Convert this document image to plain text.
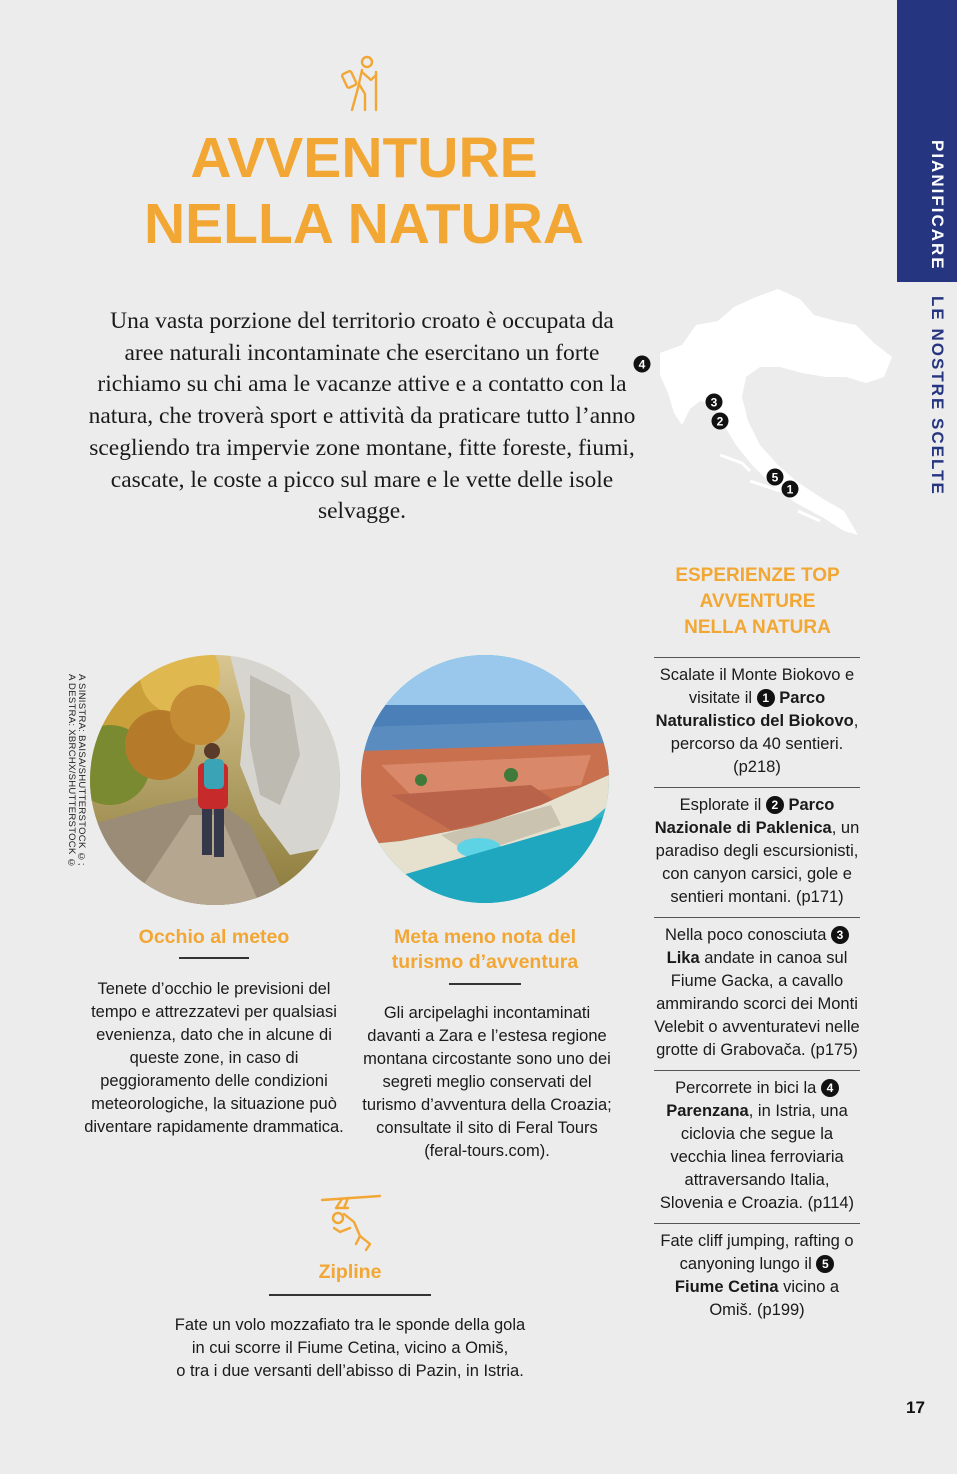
PIANIFICARE
LE NOSTRE SCELTE
AVVENTURE
NELLA NATURA
Una vasta porzione del territorio croato è occupata da aree naturali incontaminate che esercitano un forte richiamo su chi ama le vacanze attive e a contatto con la natura, che troverà sport e attività da praticare tutto l’anno scegliendo tra impervie zone montane, fitte foreste, fiumi, cascate, le coste a picco sul mare e le vette delle isole selvagge.
4
3
2
5
1
ESPERIENZE TOP
AVVENTURE
NELLA NATURA
Scalate il Monte Biokovo e visitate il 1 Parco Naturalistico del Biokovo, percorso da 40 sentieri. (p218)
Esplorate il 2 Parco Nazionale di Paklenica, un paradiso degli escursionisti, con canyon carsici, gole e sentieri montani. (p171)
Nella poco conosciuta 3 Lika andate in canoa sul Fiume Gacka, a cavallo ammirando scorci dei Monti Velebit o avventuratevi nelle grotte di Grabovača. (p175)
Percorrete in bici la 4 Parenzana, in Istria, una ciclovia che segue la vecchia linea ferroviaria attraversando Italia, Slovenia e Croazia. (p114)
Fate cliff jumping, rafting o canyoning lungo il 5 Fiume Cetina vicino a Omiš. (p199)
A SINISTRA: BAISA/SHUTTERSTOCK ©;
A DESTRA: XBRCHX/SHUTTERSTOCK ©
Occhio al meteo
Tenete d’occhio le previsioni del tempo e attrezzatevi per qualsiasi evenienza, dato che in alcune di queste zone, in caso di peggioramento delle condizioni meteorologiche, la situazione può diventare rapidamente drammatica.
Meta meno nota del
turismo d’avventura
Gli arcipelaghi incontaminati davanti a Zara e l’estesa regione montana circostante sono uno dei segreti meglio conservati del turismo d’avventura della Croazia; consultate il sito di Feral Tours (feral-tours.com).
Zipline
Fate un volo mozzafiato tra le sponde della gola
in cui scorre il Fiume Cetina, vicino a Omiš,
o tra i due versanti dell’abisso di Pazin, in Istria.
17
